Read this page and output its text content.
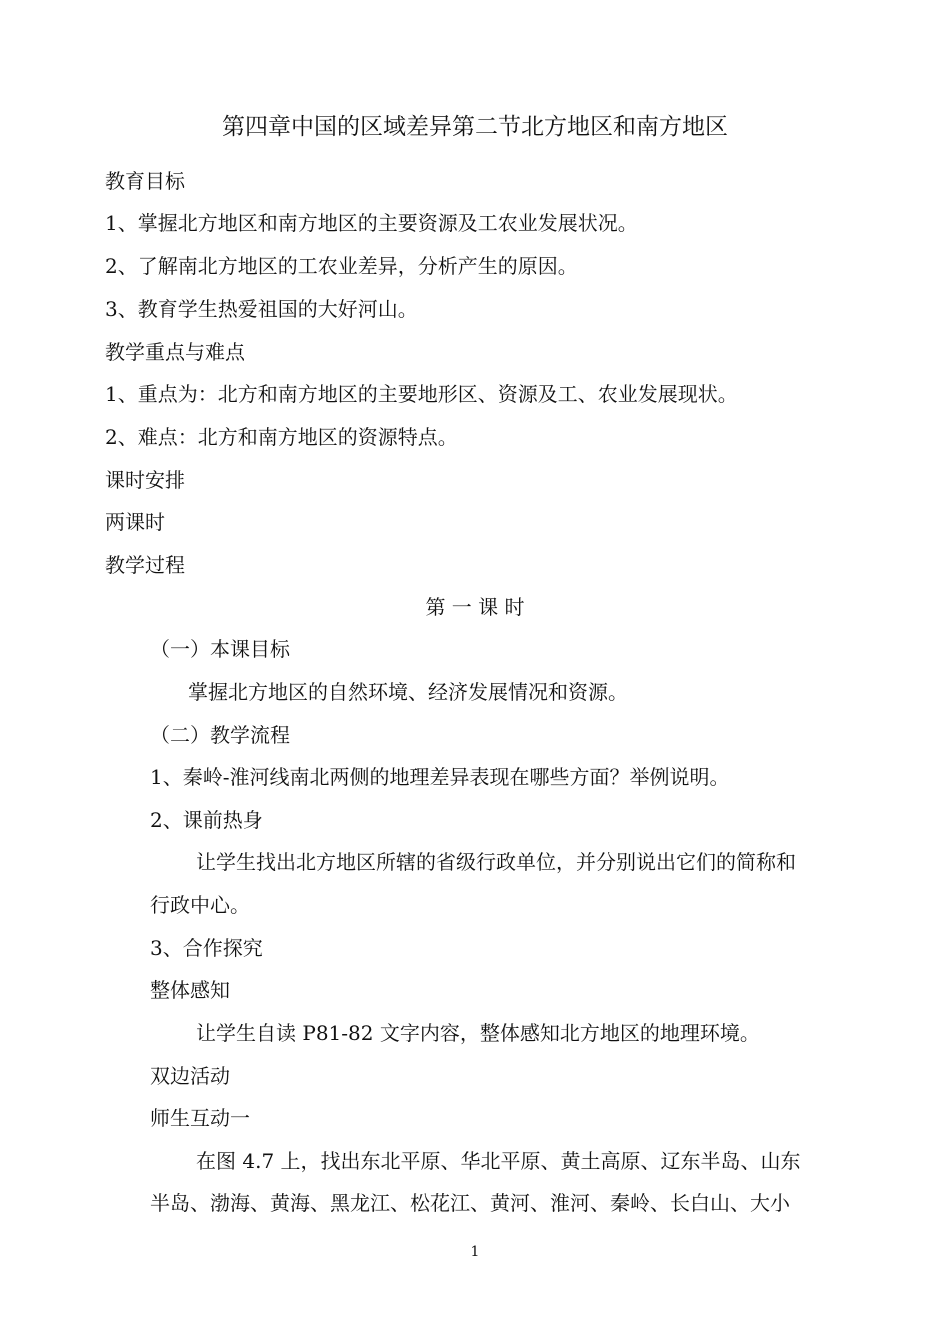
第四章中国的区域差异第二节北方地区和南方地区
教育目标
1、掌握北方地区和南方地区的主要资源及工农业发展状况。
2、了解南北方地区的工农业差异，分析产生的原因。
3、教育学生热爱祖国的大好河山。
教学重点与难点
1、重点为：北方和南方地区的主要地形区、资源及工、农业发展现状。
2、难点：北方和南方地区的资源特点。
课时安排
两课时
教学过程
第 一 课 时
（一）本课目标
掌握北方地区的自然环境、经济发展情况和资源。
（二）教学流程
1、秦岭-淮河线南北两侧的地理差异表现在哪些方面？举例说明。
2、课前热身
让学生找出北方地区所辖的省级行政单位，并分别说出它们的简称和
行政中心。
3、合作探究
整体感知
让学生自读 P81-82 文字内容，整体感知北方地区的地理环境。
双边活动
师生互动一
在图 4.7 上，找出东北平原、华北平原、黄土高原、辽东半岛、山东
半岛、渤海、黄海、黑龙江、松花江、黄河、淮河、秦岭、长白山、大小
1
